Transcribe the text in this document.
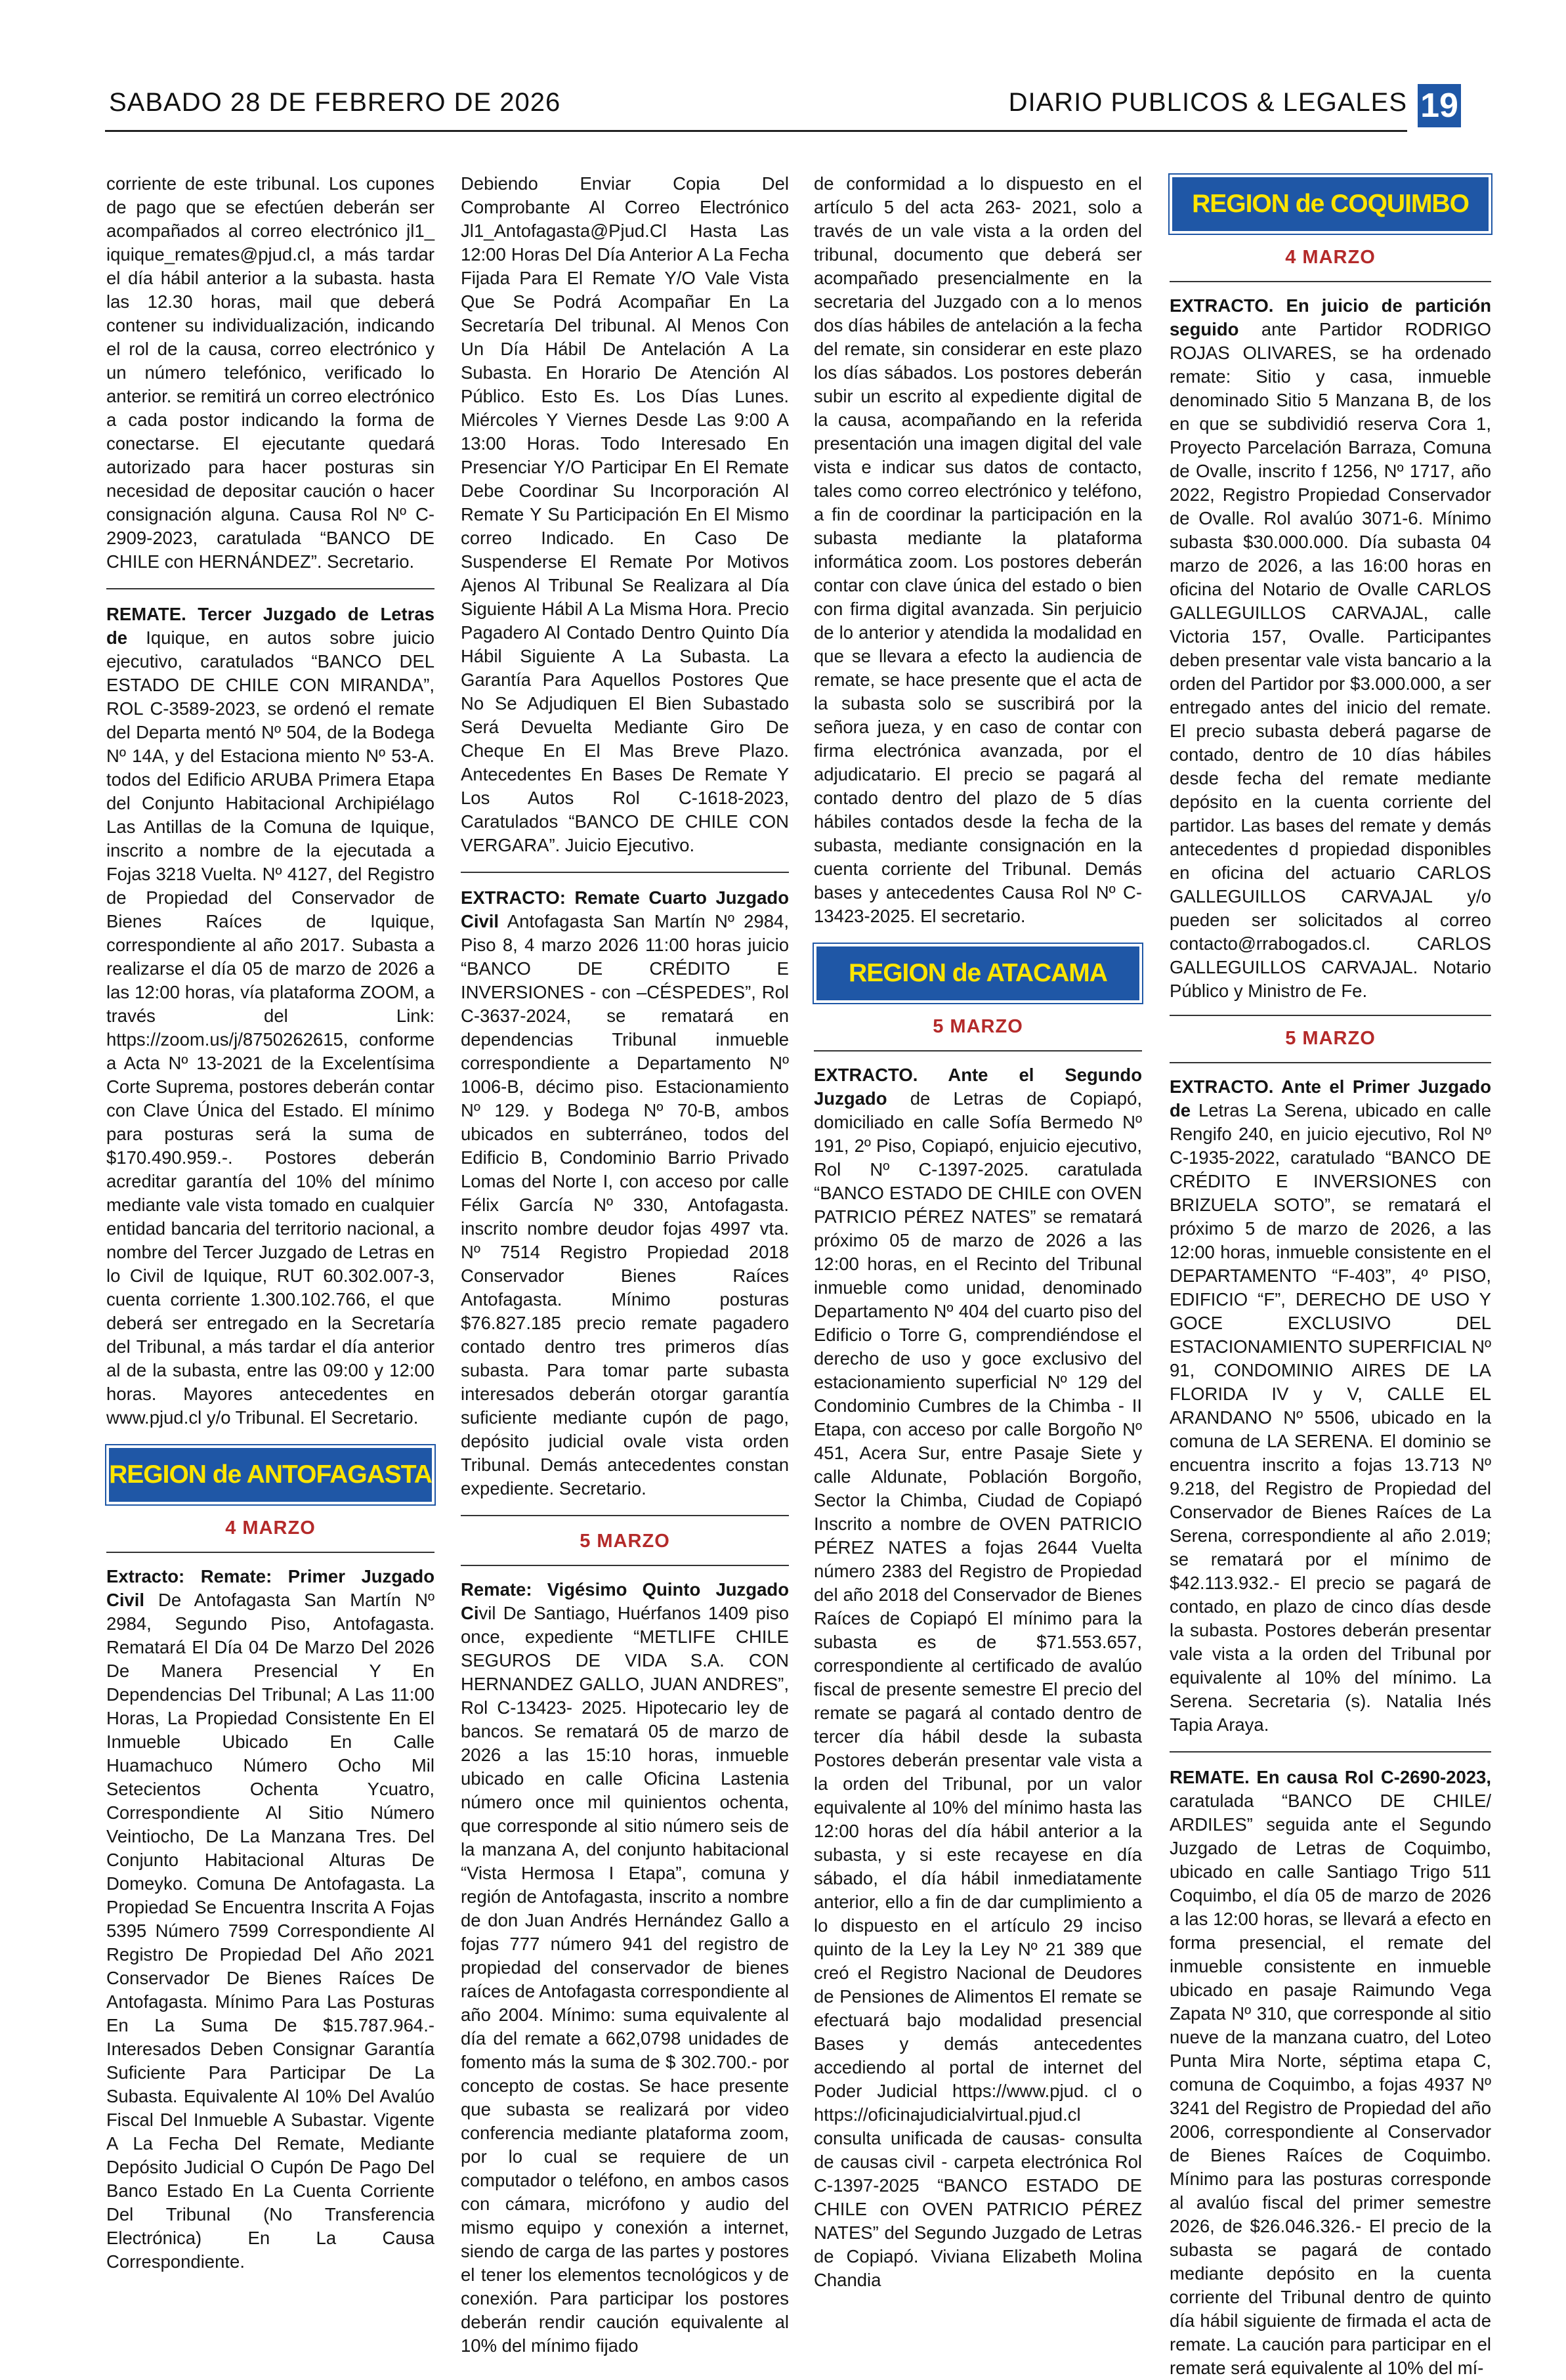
SABADO 28 DE FEBRERO DE 2026	DIARIO PUBLICOS & LEGALES 19

corriente de este tribunal. Los cupones de pago que se efectúen deberán ser acompañados al correo electrónico jl1_ iquique_remates@pjud.cl, a más tardar el día hábil anterior a la subasta. hasta las 12.30 horas, mail que deberá contener su individualización, indicando el rol de la causa, correo electrónico y un número telefónico, verificado lo anterior. se remitirá un correo electrónico a cada postor indicando la forma de conectarse. El ejecutante quedará autorizado para hacer posturas sin necesidad de depositar caución o hacer consignación alguna. Causa Rol Nº C-2909-2023, caratulada “BANCO DE CHILE con HERNÁNDEZ”. Secretario.

REMATE. Tercer Juzgado de Letras de Iquique, en autos sobre juicio ejecutivo, caratulados “BANCO DEL ESTADO DE CHILE CON MIRANDA”, ROL C-3589-2023, se ordenó el remate del Departa mentó Nº 504, de la Bodega Nº 14A, y del Estaciona miento Nº 53-A. todos del Edificio ARUBA Primera Etapa del Conjunto Habitacional Archipiélago Las Antillas de la Comuna de Iquique, inscrito a nombre de la ejecutada a Fojas 3218 Vuelta. Nº 4127, del Registro de Propiedad del Conservador de Bienes Raíces de Iquique, correspondiente al año 2017. Subasta a realizarse el día 05 de marzo de 2026 a las 12:00 horas, vía plataforma ZOOM, a través del Link: https://zoom.us/j/8750262615, conforme a Acta Nº 13-2021 de la Excelentísima Corte Suprema, postores deberán contar con Clave Única del Estado. El mínimo para posturas será la suma de $170.490.959.-. Postores deberán acreditar garantía del 10% del mínimo mediante vale vista tomado en cualquier entidad bancaria del territorio nacional, a nombre del Tercer Juzgado de Letras en lo Civil de Iquique, RUT 60.302.007-3, cuenta corriente 1.300.102.766, el que deberá ser entregado en la Secretaría del Tribunal, a más tardar el día anterior al de la subasta, entre las 09:00 y 12:00 horas. Mayores antecedentes en www.pjud.cl y/o Tribunal. El Secretario.

REGION de ANTOFAGASTA
4 MARZO

Extracto: Remate: Primer Juzgado Civil De Antofagasta San Martín Nº 2984, Segundo Piso, Antofagasta. Rematará El Día 04 De Marzo Del 2026 De Manera Presencial Y En Dependencias Del Tribunal; A Las 11:00 Horas, La Propiedad Consistente En El Inmueble Ubicado En Calle Huamachuco Número Ocho Mil Setecientos Ochenta Ycuatro, Correspondiente Al Sitio Número Veintiocho, De La Manzana Tres. Del Conjunto Habitacional Alturas De Domeyko. Comuna De Antofagasta. La Propiedad Se Encuentra Inscrita A Fojas 5395 Número 7599 Correspondiente Al Registro De Propiedad Del Año 2021 Conservador De Bienes Raíces De Antofagasta. Mínimo Para Las Posturas En La Suma De $15.787.964.- Interesados Deben Consignar Garantía Suficiente Para Participar De La Subasta. Equivalente Al 10% Del Avalúo Fiscal Del Inmueble A Subastar. Vigente A La Fecha Del Remate, Mediante Depósito Judicial O Cupón De Pago Del Banco Estado En La Cuenta Corriente Del Tribunal (No Transferencia Electrónica) En La Causa Correspondiente.

Debiendo Enviar Copia Del Comprobante Al Correo Electrónico Jl1_Antofagasta@Pjud.Cl Hasta Las 12:00 Horas Del Día Anterior A La Fecha Fijada Para El Remate Y/O Vale Vista Que Se Podrá Acompañar En La Secretaría Del tribunal. Al Menos Con Un Día Hábil De Antelación A La Subasta. En Horario De Atención Al Público. Esto Es. Los Días Lunes. Miércoles Y Viernes Desde Las 9:00 A 13:00 Horas. Todo Interesado En Presenciar Y/O Participar En El Remate Debe Coordinar Su Incorporación Al Remate Y Su Participación En El Mismo correo Indicado. En Caso De Suspenderse El Remate Por Motivos Ajenos Al Tribunal Se Realizara al Día Siguiente Hábil A La Misma Hora. Precio Pagadero Al Contado Dentro Quinto Día Hábil Siguiente A La Subasta. La Garantía Para Aquellos Postores Que No Se Adjudiquen El Bien Subastado Será Devuelta Mediante Giro De Cheque En El Mas Breve Plazo. Antecedentes En Bases De Remate Y Los Autos Rol C-1618-2023, Caratulados “BANCO DE CHILE CON VERGARA”. Juicio Ejecutivo.

EXTRACTO: Remate Cuarto Juzgado Civil Antofagasta San Martín Nº 2984, Piso 8, 4 marzo 2026 11:00 horas juicio “BANCO DE CRÉDITO E INVERSIONES - con –CÉSPEDES”, Rol C-3637-2024, se rematará en dependencias Tribunal inmueble correspondiente a Departamento Nº 1006-B, décimo piso. Estacionamiento Nº 129. y Bodega Nº 70-B, ambos ubicados en subterráneo, todos del Edificio B, Condominio Barrio Privado Lomas del Norte I, con acceso por calle Félix García Nº 330, Antofagasta. inscrito nombre deudor fojas 4997 vta. Nº 7514 Registro Propiedad 2018 Conservador Bienes Raíces Antofagasta. Mínimo posturas $76.827.185 precio remate pagadero contado dentro tres primeros días subasta. Para tomar parte subasta interesados deberán otorgar garantía suficiente mediante cupón de pago, depósito judicial ovale vista orden Tribunal. Demás antecedentes constan expediente. Secretario.

5 MARZO

Remate: Vigésimo Quinto Juzgado Civil De Santiago, Huérfanos 1409 piso once, expediente “METLIFE CHILE SEGUROS DE VIDA S.A. CON HERNANDEZ GALLO, JUAN ANDRES”, Rol C-13423- 2025. Hipotecario ley de bancos. Se rematará 05 de marzo de 2026 a las 15:10 horas, inmueble ubicado en calle Oficina Lastenia número once mil quinientos ochenta, que corresponde al sitio número seis de la manzana A, del conjunto habitacional “Vista Hermosa I Etapa”, comuna y región de Antofagasta, inscrito a nombre de don Juan Andrés Hernández Gallo a fojas 777 número 941 del registro de propiedad del conservador de bienes raíces de Antofagasta correspondiente al año 2004. Mínimo: suma equivalente al día del remate a 662,0798 unidades de fomento más la suma de $ 302.700.- por concepto de costas. Se hace presente que subasta se realizará por video conferencia mediante plataforma zoom, por lo cual se requiere de un computador o teléfono, en ambos casos con cámara, micrófono y audio del mismo equipo y conexión a internet, siendo de carga de las partes y postores el tener los elementos tecnológicos y de conexión. Para participar los postores deberán rendir caución equivalente al 10% del mínimo fijado

de conformidad a lo dispuesto en el artículo 5 del acta 263- 2021, solo a través de un vale vista a la orden del tribunal, documento que deberá ser acompañado presencialmente en la secretaria del Juzgado con a lo menos dos días hábiles de antelación a la fecha del remate, sin considerar en este plazo los días sábados. Los postores deberán subir un escrito al expediente digital de la causa, acompañando en la referida presentación una imagen digital del vale vista e indicar sus datos de contacto, tales como correo electrónico y teléfono, a fin de coordinar la participación en la subasta mediante la plataforma informática zoom. Los postores deberán contar con clave única del estado o bien con firma digital avanzada. Sin perjuicio de lo anterior y atendida la modalidad en que se llevara a efecto la audiencia de remate, se hace presente que el acta de la subasta solo se suscribirá por la señora jueza, y en caso de contar con firma electrónica avanzada, por el adjudicatario. El precio se pagará al contado dentro del plazo de 5 días hábiles contados desde la fecha de la subasta, mediante consignación en la cuenta corriente del Tribunal. Demás bases y antecedentes Causa Rol Nº C-13423-2025. El secretario.

REGION de ATACAMA
5 MARZO

EXTRACTO. Ante el Segundo Juzgado de Letras de Copiapó, domiciliado en calle Sofía Bermedo Nº 191, 2º Piso, Copiapó, enjuicio ejecutivo, Rol Nº C-1397-2025. caratulada “BANCO ESTADO DE CHILE con OVEN PATRICIO PÉREZ NATES” se rematará próximo 05 de marzo de 2026 a las 12:00 horas, en el Recinto del Tribunal inmueble como unidad, denominado Departamento Nº 404 del cuarto piso del Edificio o Torre G, comprendiéndose el derecho de uso y goce exclusivo del estacionamiento superficial Nº 129 del Condominio Cumbres de la Chimba - II Etapa, con acceso por calle Borgoño Nº 451, Acera Sur, entre Pasaje Siete y calle Aldunate, Población Borgoño, Sector la Chimba, Ciudad de Copiapó Inscrito a nombre de OVEN PATRICIO PÉREZ NATES a fojas 2644 Vuelta número 2383 del Registro de Propiedad del año 2018 del Conservador de Bienes Raíces de Copiapó El mínimo para la subasta es de $71.553.657, correspondiente al certificado de avalúo fiscal de presente semestre El precio del remate se pagará al contado dentro de tercer día hábil desde la subasta Postores deberán presentar vale vista a la orden del Tribunal, por un valor equivalente al 10% del mínimo hasta las 12:00 horas del día hábil anterior a la subasta, y si este recayese en día sábado, el día hábil inmediatamente anterior, ello a fin de dar cumplimiento a lo dispuesto en el artículo 29 inciso quinto de la Ley la Ley Nº 21 389 que creó el Registro Nacional de Deudores de Pensiones de Alimentos El remate se efectuará bajo modalidad presencial Bases y demás antecedentes accediendo al portal de internet del Poder Judicial https://www.pjud. cl o https://oficinajudicialvirtual.pjud.cl consulta unificada de causas- consulta de causas civil - carpeta electrónica Rol C-1397-2025 “BANCO ESTADO DE CHILE con OVEN PATRICIO PÉREZ NATES” del Segundo Juzgado de Letras de Copiapó. Viviana Elizabeth Molina Chandia

REGION de COQUIMBO
4 MARZO

EXTRACTO. En juicio de partición seguido ante Partidor RODRIGO ROJAS OLIVARES, se ha ordenado remate: Sitio y casa, inmueble denominado Sitio 5 Manzana B, de los en que se subdividió reserva Cora 1, Proyecto Parcelación Barraza, Comuna de Ovalle, inscrito f 1256, Nº 1717, año 2022, Registro Propiedad Conservador de Ovalle. Rol avalúo 3071-6. Mínimo subasta $30.000.000. Día subasta 04 marzo de 2026, a las 16:00 horas en oficina del Notario de Ovalle CARLOS GALLEGUILLOS CARVAJAL, calle Victoria 157, Ovalle. Participantes deben presentar vale vista bancario a la orden del Partidor por $3.000.000, a ser entregado antes del inicio del remate. El precio subasta deberá pagarse de contado, dentro de 10 días hábiles desde fecha del remate mediante depósito en la cuenta corriente del partidor. Las bases del remate y demás antecedentes d propiedad disponibles en oficina del actuario CARLOS GALLEGUILLOS CARVAJAL y/o pueden ser solicitados al correo contacto@rrabogados.cl. CARLOS GALLEGUILLOS CARVAJAL. Notario Público y Ministro de Fe.

5 MARZO

EXTRACTO. Ante el Primer Juzgado de Letras La Serena, ubicado en calle Rengifo 240, en juicio ejecutivo, Rol Nº C-1935-2022, caratulado “BANCO DE CRÉDITO E INVERSIONES con BRIZUELA SOTO”, se rematará el próximo 5 de marzo de 2026, a las 12:00 horas, inmueble consistente en el DEPARTAMENTO “F-403”, 4º PISO, EDIFICIO “F”, DERECHO DE USO Y GOCE EXCLUSIVO DEL ESTACIONAMIENTO SUPERFICIAL Nº 91, CONDOMINIO AIRES DE LA FLORIDA IV y V, CALLE EL ARANDANO Nº 5506, ubicado en la comuna de LA SERENA. El dominio se encuentra inscrito a fojas 13.713 Nº 9.218, del Registro de Propiedad del Conservador de Bienes Raíces de La Serena, correspondiente al año 2.019; se rematará por el mínimo de $42.113.932.- El precio se pagará de contado, en plazo de cinco días desde la subasta. Postores deberán presentar vale vista a la orden del Tribunal por equivalente al 10% del mínimo. La Serena. Secretaria (s). Natalia Inés Tapia Araya.

REMATE. En causa Rol C-2690-2023, caratulada “BANCO DE CHILE/ ARDILES” seguida ante el Segundo Juzgado de Letras de Coquimbo, ubicado en calle Santiago Trigo 511 Coquimbo, el día 05 de marzo de 2026 a las 12:00 horas, se llevará a efecto en forma presencial, el remate del inmueble consistente en inmueble ubicado en pasaje Raimundo Vega Zapata Nº 310, que corresponde al sitio nueve de la manzana cuatro, del Loteo Punta Mira Norte, séptima etapa C, comuna de Coquimbo, a fojas 4937 Nº 3241 del Registro de Propiedad del año 2006, correspondiente al Conservador de Bienes Raíces de Coquimbo. Mínimo para las posturas corresponde al avalúo fiscal del primer semestre 2026, de $26.046.326.- El precio de la subasta se pagará de contado mediante depósito en la cuenta corriente del Tribunal dentro de quinto día hábil siguiente de firmada el acta de remate. La caución para participar en el remate será equivalente al 10% del mí-
